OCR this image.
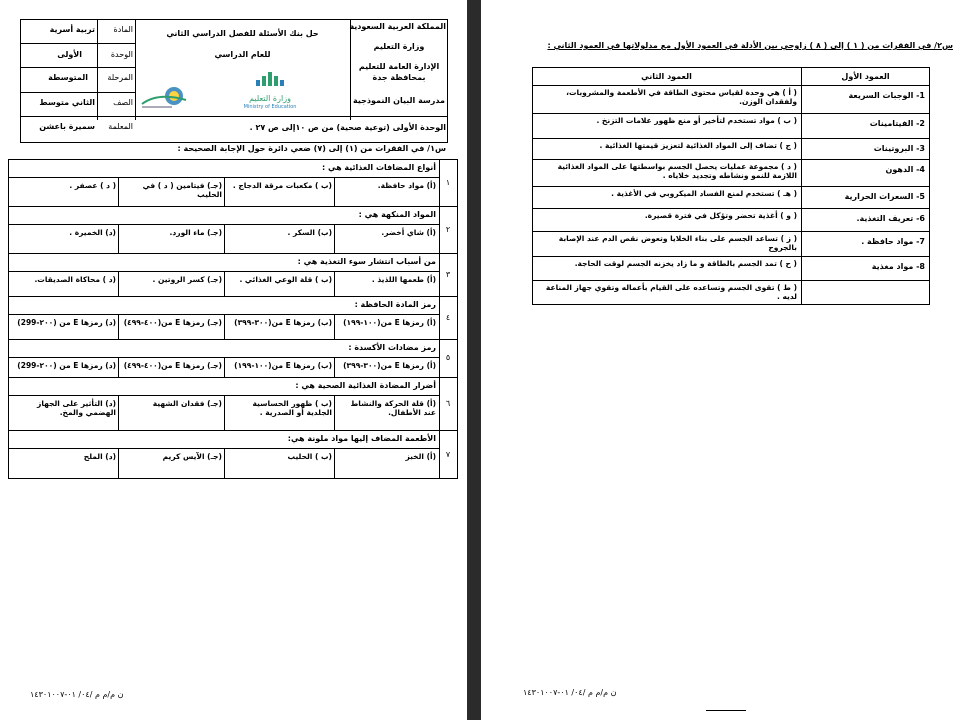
المادة
تربية أسرية
الوحدة
الأولى
المرحلة
المتوسطة
الصف
الثاني متوسط
المعلمة
سميرة باعشن
حل بنك الأسئلة للفصل الدراسي الثاني
للعام الدراسي
وزارة التعليم
Ministry of Education
المملكة العربية السعودية
وزارة التعليم
الإدارة العامة للتعليم
بمحافظة جدة
مدرسة البيان النموذجية
الوحدة الأولى (توعية صحية) من ص ١٠إلى ص ٢٧ .
س١/ في الفقرات من (١) إلى (٧) ضعي دائرة حول الإجابة الصحيحة :
ن م/م م /٠٤/ ٠١-١٤٣٠١٠٠٧
١
أنواع المضافات الغذائية هي :
(أ) مواد حافظة.
(ب ) مكعبات مرقة الدجاج .
(جـ) فيتامين ( د ) في الحليب
( د ) عصفر .
٢
المواد المنكهة هي :
(أ) شاي أخضر.
(ب) السكر .
(جـ) ماء الورد.
(د) الخميرة .
٣
من أسباب انتشار سوء التغذية هي :
(أ) طعمها اللذيذ .
(ب ) قلة الوعي الغذائي .
(جـ) كسر الروتين .
(د ) محاكاة الصديقات.
٤
رمز المادة الحافظة :
(أ) رمزها E من(١٠٠-١٩٩)
(ب) رمزها E من(٣٠٠-٣٩٩)
(جـ) رمزها E من(٤٠٠-٤٩٩)
(د) رمزها E من (٢٠٠-299)
٥
رمز مضادات الأكسدة :
(أ) رمزها E من(٣٠٠-٣٩٩)
(ب) رمزها E من(١٠٠-١٩٩)
(جـ) رمزها E من(٤٠٠-٤٩٩)
(د) رمزها E من (٢٠٠-299)
٦
أضرار المضادة الغذائية الصحية هي :
(أ) قلة الحركة والنشاط عند الأطفال.
(ب ) ظهور الحساسية الجلدية أو الصدرية .
(جـ) فقدان الشهية
(د) التأثير على الجهاز الهضمي والمخ.
٧
الأطعمة المضاف إليها مواد ملونة هي:
(أ) الخبز
(ب ) الحليب
(جـ) الآيس كريم
(د) الملح
س٢/ في الفقرات من ( ١ ) إلى ( ٨ ) زاوجي بين الأدلة في العمود الأول مع مدلولاتها في العمود الثاني :
العمود الأول
العمود الثاني
ن م/م م /٠٤/ ٠١-١٤٣٠١٠٠٧
1- الوجبات السريعة
( أ ) هي وحدة لقياس محتوى الطاقة في الأطعمة والمشروبات، ولفقدان الوزن.
2- الفيتامينات
( ب ) مواد تستخدم لتأخير أو منع ظهور علامات التزنخ .
3- البروتينات
( ج ) تضاف إلى المواد الغذائية لتعزيز قيمتها الغذائية .
4- الدهون
( د ) مجموعة عمليات يحصل الجسم بواسطتها على المواد الغذائية اللازمة للنمو ونشاطه وتجديد خلاياه .
5- السعرات الحرارية
( هـ ) تستخدم لمنع الفساد الميكروبي في الأغذية .
6- تعريف التغذية.
( و ) أغذية تحضر وتؤكل في فترة قصيرة.
7- مواد حافظة .
( ز ) تساعد الجسم على بناء الخلايا وتعوض نقص الدم عند الإصابة بالجروح
8- مواد مغذية
( ح ) تمد الجسم بالطاقة و ما زاد يخزنه الجسم لوقت الحاجة.
( ط ) تقوى الجسم وتساعده على القيام بأعماله وتقوي جهاز المناعة لديه .
